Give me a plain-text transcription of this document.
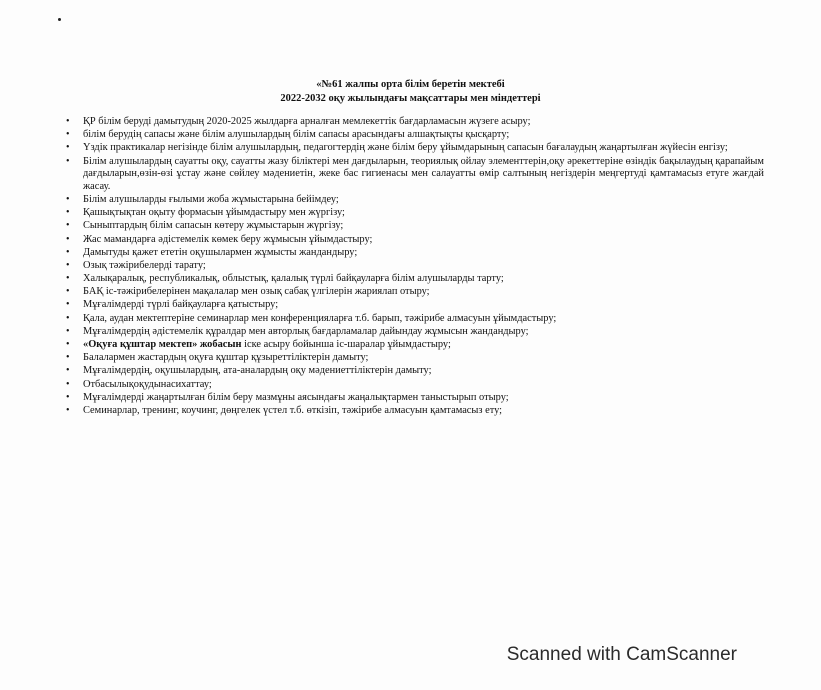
«№61 жалпы орта білім беретін мектебі
2022-2032 оқу жылындағы мақсаттары мен міндеттері
• ҚР білім беруді дамытудың 2020-2025 жылдарға арналған мемлекеттік бағдарламасын жүзеге асыру;
• білім берудің сапасы және білім алушылардың білім сапасы арасындағы алшақтықты қысқарту;
• Үздік практикалар негізінде білім алушылардың, педагогтердің және білім беру ұйымдарының сапасын бағалаудың жаңартылған жүйесін енгізу;
• Білім алушылардың сауатты оқу, сауатты жазу біліктері мен дағдыларын, теориялық ойлау элементтерін,оқу әрекеттеріне өзіндік бақылаудың қарапайым дағдыларын,өзін-өзі ұстау және сөйлеу мәдениетін, жеке бас гигиенасы мен салауатты өмір салтының негіздерін меңгертуді қамтамасыз етуге жағдай жасау.
• Білім алушыларды ғылыми жоба жұмыстарына бейімдеу;
• Қашықтықтан оқыту формасын ұйымдастыру мен жүргізу;
• Сыныптардың білім сапасын көтеру жұмыстарын жүргізу;
• Жас мамандарға әдістемелік көмек беру жұмысын ұйымдастыру;
• Дамытуды қажет ететін оқушылармен жұмысты жандандыру;
• Озық тәжірибелерді тарату;
• Халықаралық, республикалық, облыстық, қалалық түрлі байқауларға білім алушыларды тарту;
• БАҚ іс-тәжірибелерінен мақалалар мен озық сабақ үлгілерін жариялап отыру;
• Мұғалімдерді түрлі байқауларға қатыстыру;
• Қала, аудан мектептеріне семинарлар мен конференцияларға т.б. барып, тәжірибе алмасуын ұйымдастыру;
• Мұғалімдердің әдістемелік құралдар мен авторлық бағдарламалар дайындау жұмысын жандандыру;
• «Оқуға құштар мектеп» жобасын іске асыру бойынша іс-шаралар ұйымдастыру;
• Балалармен жастардың оқуға құштар құзыреттіліктерін дамыту;
• Мұғалімдердің, оқушылардың, ата-аналардың оқу мәдениеттіліктерін дамыту;
• Отбасылықоқудынасихаттау;
• Мұғалімдерді жаңартылған білім беру мазмұны аясындағы жаңалықтармен таныстырып отыру;
• Семинарлар, тренинг, коучинг, дөңгелек үстел т.б. өткізіп, тәжірибе алмасуын қамтамасыз ету;
Scanned with CamScanner
